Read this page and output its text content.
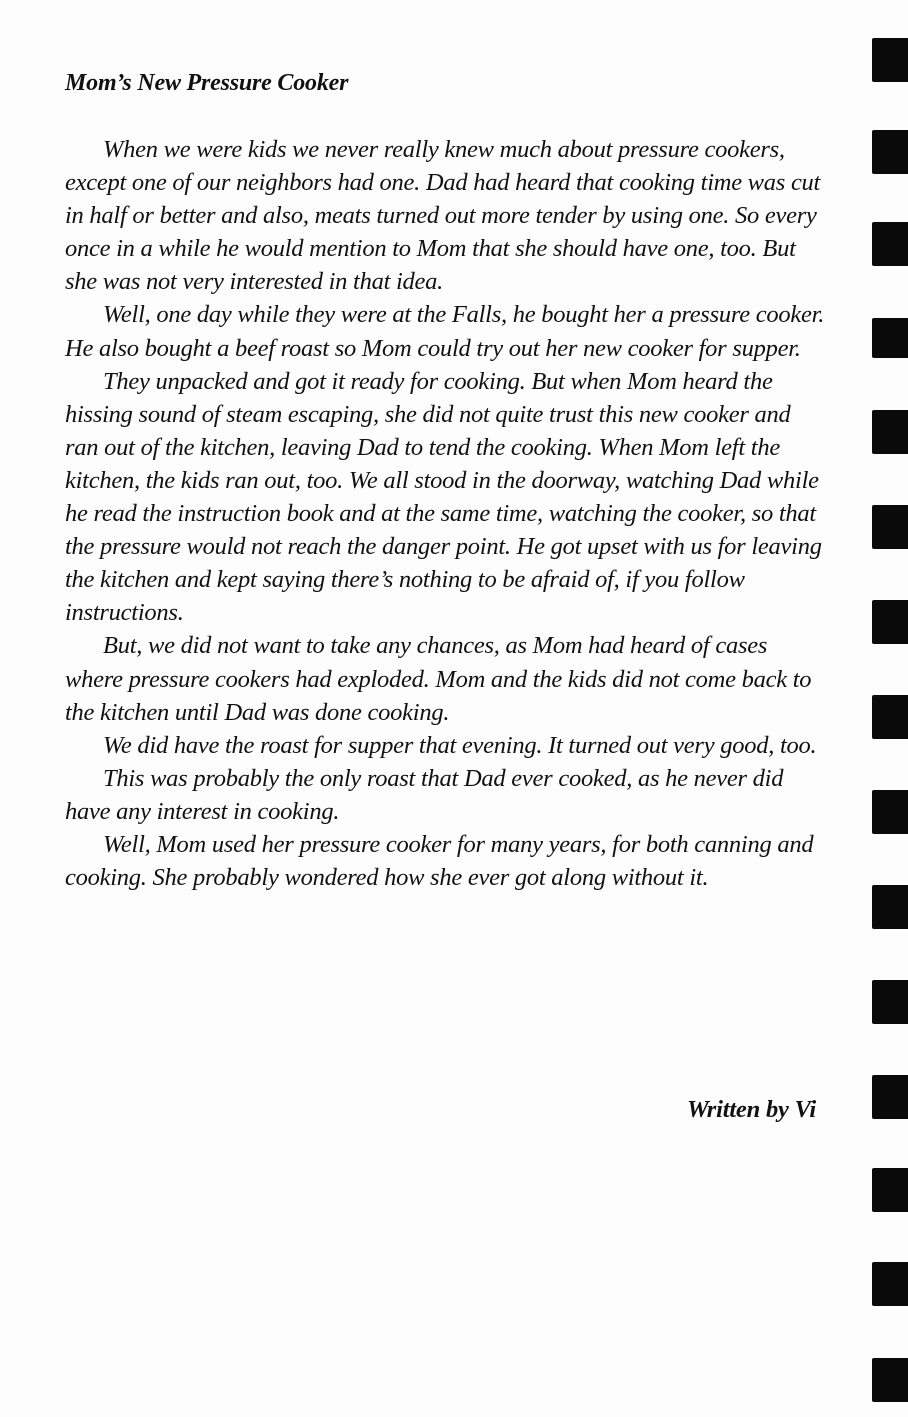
Mom’s New Pressure Cooker

When we were kids we never really knew much about pressure cookers, except one of our neighbors had one. Dad had heard that cooking time was cut in half or better and also, meats turned out more tender by using one. So every once in a while he would mention to Mom that she should have one, too. But she was not very interested in that idea.

Well, one day while they were at the Falls, he bought her a pressure cooker. He also bought a beef roast so Mom could try out her new cooker for supper.

They unpacked and got it ready for cooking. But when Mom heard the hissing sound of steam escaping, she did not quite trust this new cooker and ran out of the kitchen, leaving Dad to tend the cooking. When Mom left the kitchen, the kids ran out, too. We all stood in the doorway, watching Dad while he read the instruction book and at the same time, watching the cooker, so that the pressure would not reach the danger point. He got upset with us for leaving the kitchen and kept saying there’s nothing to be afraid of, if you follow instructions.

But, we did not want to take any chances, as Mom had heard of cases where pressure cookers had exploded. Mom and the kids did not come back to the kitchen until Dad was done cooking.

We did have the roast for supper that evening. It turned out very good, too.

This was probably the only roast that Dad ever cooked, as he never did have any interest in cooking.

Well, Mom used her pressure cooker for many years, for both canning and cooking. She probably wondered how she ever got along without it.

Written by Vi
